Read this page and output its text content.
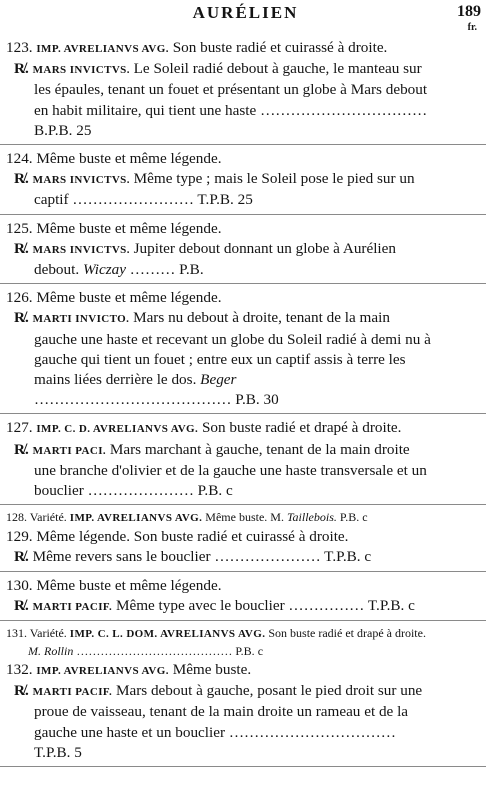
AURÉLIEN	189
fr.

123. IMP. AVRELIANVS AVG. Son buste radié et cuirassé à droite.

R̸. MARS INVICTVS. Le Soleil radié debout à gauche, le manteau sur les épaules, tenant un fouet et présentant un globe à Mars debout en habit militaire, qui tient une haste …………………………… B.P.B. 25

124. Même buste et même légende.

R̸. MARS INVICTVS. Même type ; mais le Soleil pose le pied sur un captif …………………… T.P.B. 25

125. Même buste et même légende.

R̸. MARS INVICTVS. Jupiter debout donnant un globe à Aurélien debout. Wiczay ……… P.B.

126. Même buste et même légende.

R̸. MARTI INVICTO. Mars nu debout à droite, tenant de la main gauche une haste et recevant un globe du Soleil radié à demi nu à gauche qui tient un fouet ; entre eux un captif assis à terre les mains liées derrière le dos. Beger ………………………………… P.B. 30

127. IMP. C. D. AVRELIANVS AVG. Son buste radié et drapé à droite.

R̸. MARTI PACI. Mars marchant à gauche, tenant de la main droite une branche d'olivier et de la gauche une haste transversale et un bouclier ………………… P.B. c

128. Variété. IMP. AVRELIANVS AVG. Même buste. M. Taillebois. P.B. c

129. Même légende. Son buste radié et cuirassé à droite.

R̸. Même revers sans le bouclier ………………… T.P.B. c

130. Même buste et même légende.

R̸. MARTI PACIF. Même type avec le bouclier …………… T.P.B. c

131. Variété. IMP. C. L. DOM. AVRELIANVS AVG. Son buste radié et drapé à droite. M. Rollin ………………………………… P.B. c

132. IMP. AVRELIANVS AVG. Même buste.

R̸. MARTI PACIF. Mars debout à gauche, posant le pied droit sur une proue de vaisseau, tenant de la main droite un rameau et de la gauche une haste et un bouclier …………………………… T.P.B. 5
